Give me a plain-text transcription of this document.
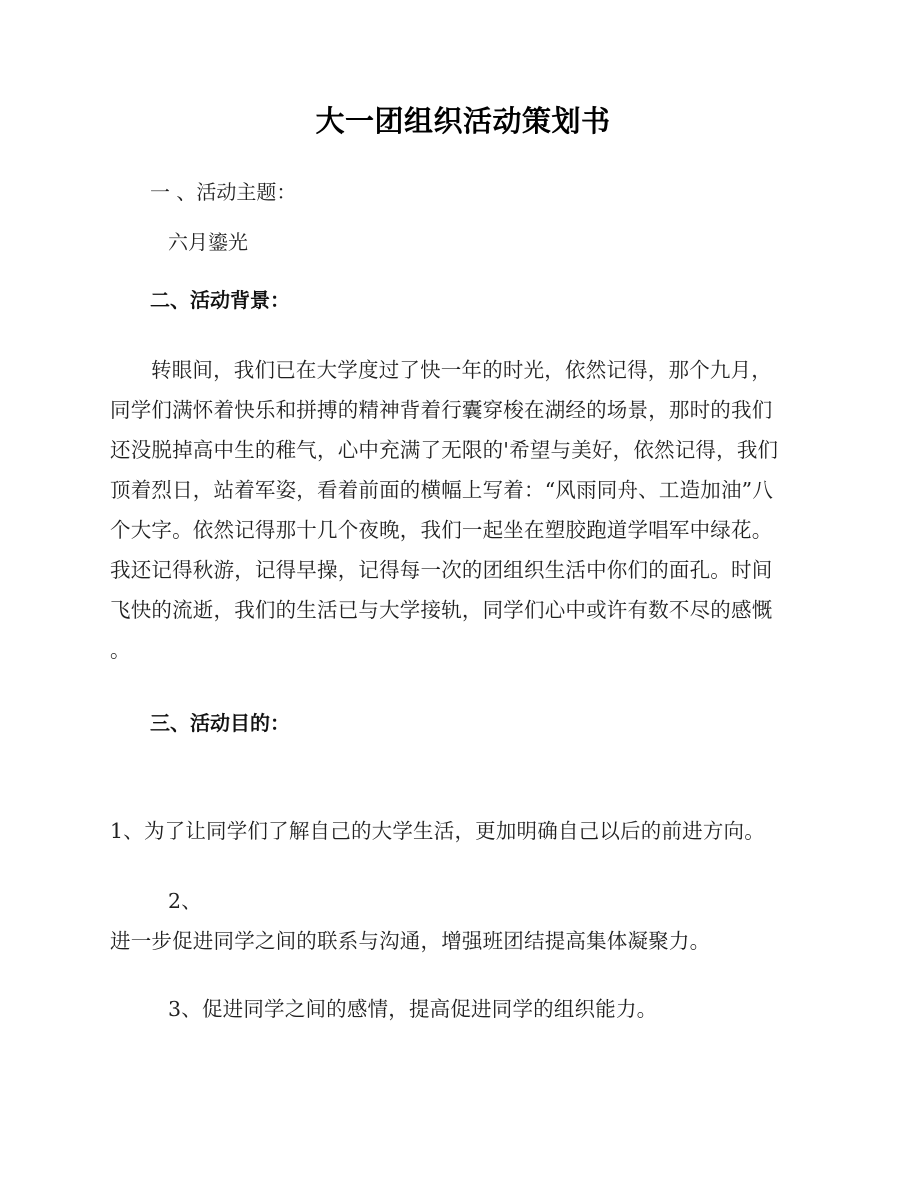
大一团组织活动策划书

一 、活动主题：

六月鎏光

二、活动背景：

转眼间，我们已在大学度过了快一年的时光，依然记得，那个九月，

同学们满怀着快乐和拼搏的精神背着行囊穿梭在湖经的场景，那时的我们

还没脱掉高中生的稚气，心中充满了无限的'希望与美好，依然记得，我们

顶着烈日，站着军姿，看着前面的横幅上写着：“风雨同舟、工造加油”八

个大字。依然记得那十几个夜晚，我们一起坐在塑胶跑道学唱军中绿花。

我还记得秋游，记得早操，记得每一次的团组织生活中你们的面孔。时间

飞快的流逝，我们的生活已与大学接轨，同学们心中或许有数不尽的感慨

。

三、活动目的：

1、为了让同学们了解自己的大学生活，更加明确自己以后的前进方向。

2、

进一步促进同学之间的联系与沟通，增强班团结提高集体凝聚力。

3、促进同学之间的感情，提高促进同学的组织能力。
